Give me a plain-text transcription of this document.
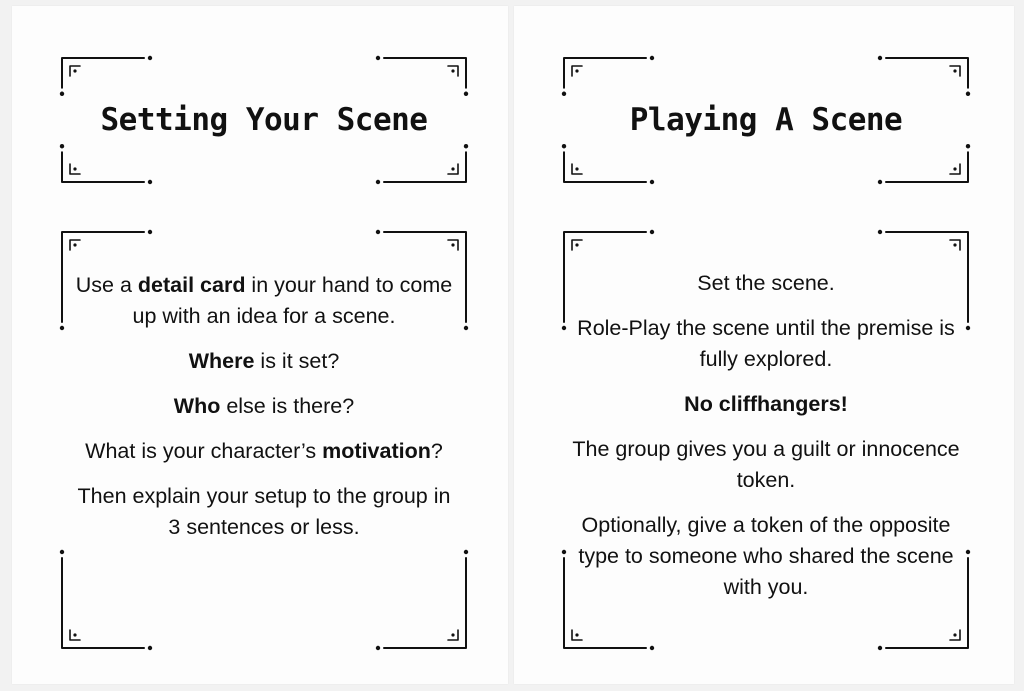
Setting Your Scene

Use a detail card in your hand to come up with an idea for a scene.

Where is it set?

Who else is there?

What is your character’s motivation?

Then explain your setup to the group in 3 sentences or less.

Playing A Scene

Set the scene.

Role-Play the scene until the premise is fully explored.

No cliffhangers!

The group gives you a guilt or innocence token.

Optionally, give a token of the opposite type to someone who shared the scene with you.
